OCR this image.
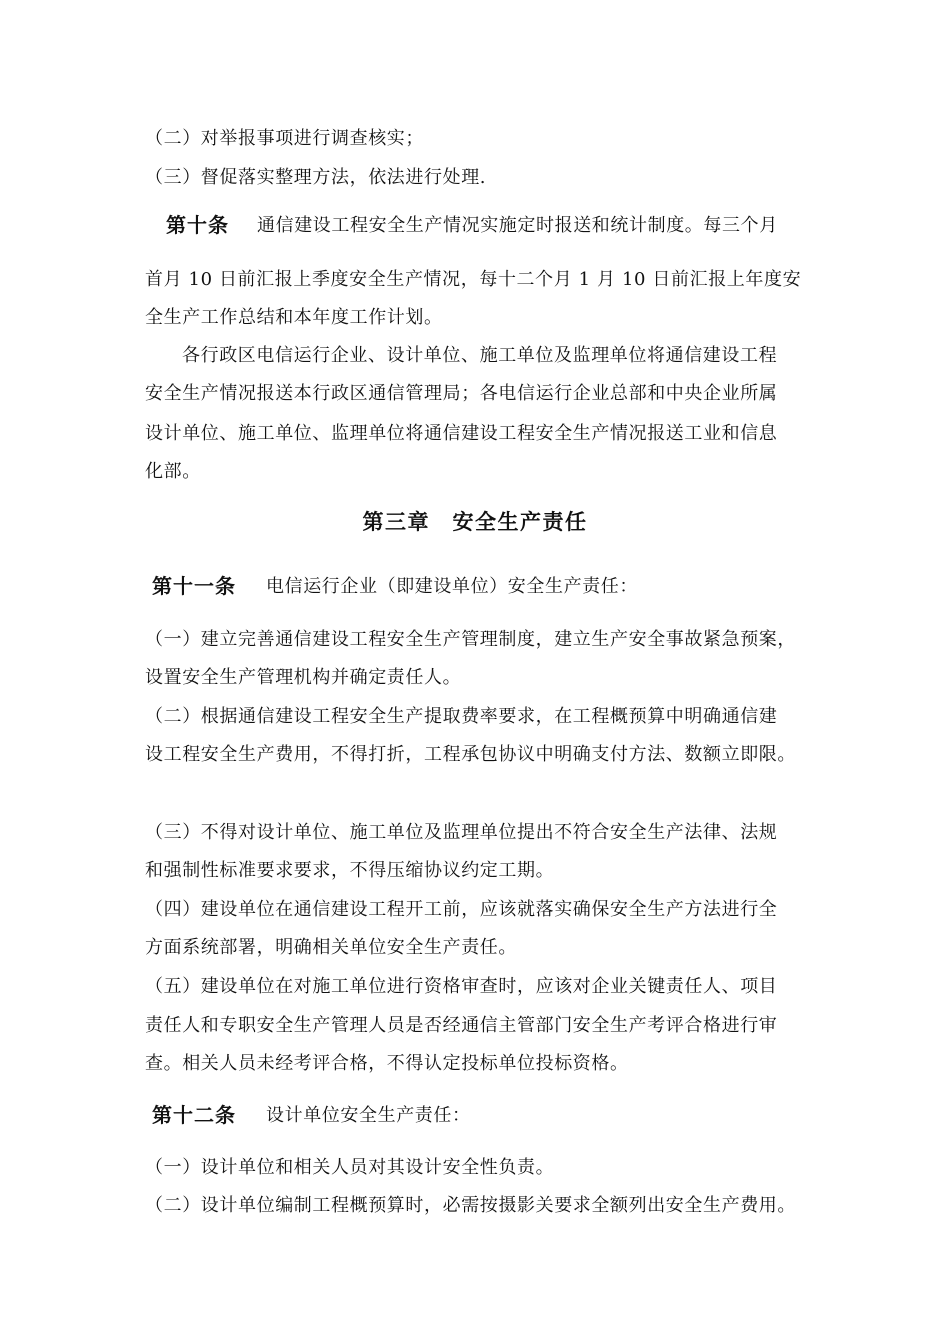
（二）对举报事项进行调查核实；
（三）督促落实整理方法，依法进行处理.
第十条 通信建设工程安全生产情况实施定时报送和统计制度。每三个月
首月 10 日前汇报上季度安全生产情况，每十二个月 1 月 10 日前汇报上年度安
全生产工作总结和本年度工作计划。
各行政区电信运行企业、设计单位、施工单位及监理单位将通信建设工程
安全生产情况报送本行政区通信管理局；各电信运行企业总部和中央企业所属
设计单位、施工单位、监理单位将通信建设工程安全生产情况报送工业和信息
化部。
第三章　安全生产责任
第十一条 电信运行企业（即建设单位）安全生产责任：
（一）建立完善通信建设工程安全生产管理制度，建立生产安全事故紧急预案，
设置安全生产管理机构并确定责任人。
（二）根据通信建设工程安全生产提取费率要求，在工程概预算中明确通信建
设工程安全生产费用，不得打折，工程承包协议中明确支付方法、数额立即限。
（三）不得对设计单位、施工单位及监理单位提出不符合安全生产法律、法规
和强制性标准要求要求，不得压缩协议约定工期。
（四）建设单位在通信建设工程开工前，应该就落实确保安全生产方法进行全
方面系统部署，明确相关单位安全生产责任。
（五）建设单位在对施工单位进行资格审查时，应该对企业关键责任人、项目
责任人和专职安全生产管理人员是否经通信主管部门安全生产考评合格进行审
查。相关人员未经考评合格，不得认定投标单位投标资格。
第十二条 设计单位安全生产责任：
（一）设计单位和相关人员对其设计安全性负责。
（二）设计单位编制工程概预算时，必需按摄影关要求全额列出安全生产费用。
